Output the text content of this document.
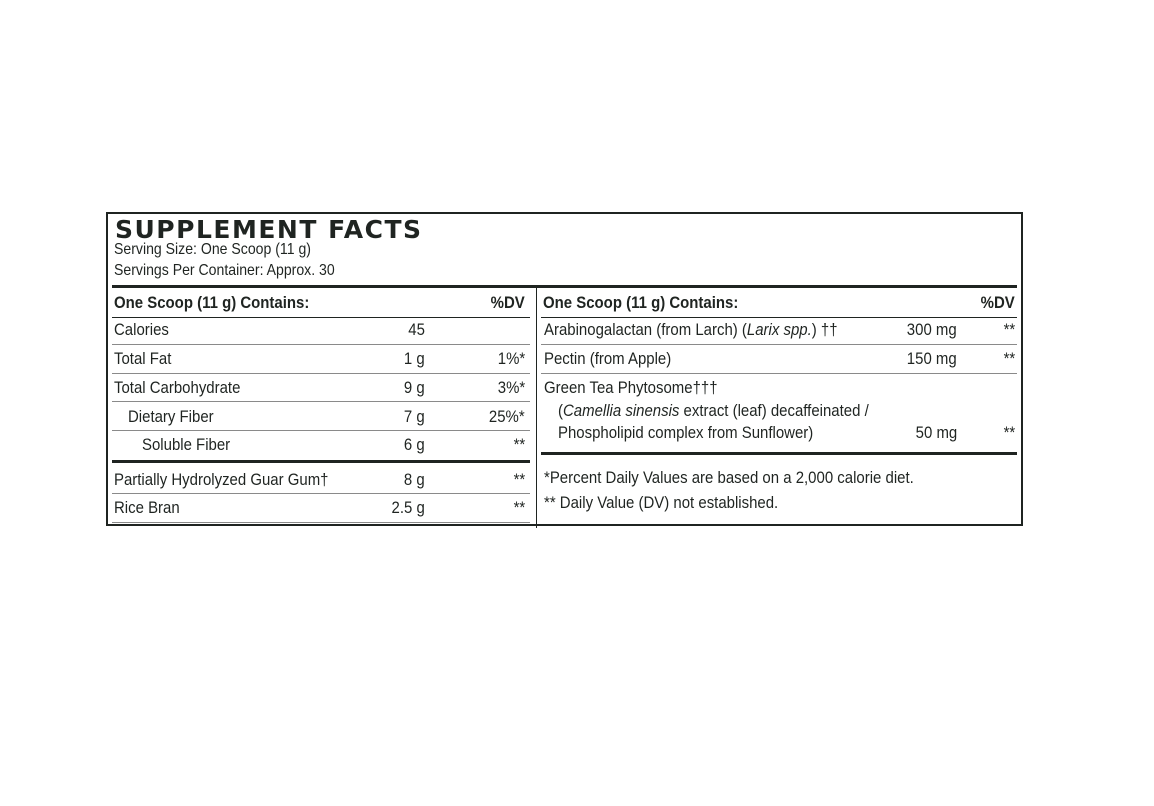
SUPPLEMENT FACTS
Serving Size: One Scoop (11 g)
Servings Per Container: Approx. 30
One Scoop (11 g) Contains:	%DV
Calories	45
Total Fat	1 g	1%*
Total Carbohydrate	9 g	3%*
Dietary Fiber	7 g	25%*
Soluble Fiber	6 g	**
Partially Hydrolyzed Guar Gum†	8 g	**
Rice Bran	2.5 g	**
One Scoop (11 g) Contains:	%DV
Arabinogalactan (from Larch) (Larix spp.) ††	300 mg	**
Pectin (from Apple)	150 mg	**
Green Tea Phytosome†††
(Camellia sinensis extract (leaf) decaffeinated /
Phospholipid complex from Sunflower)	50 mg	**
*Percent Daily Values are based on a 2,000 calorie diet.
** Daily Value (DV) not established.
